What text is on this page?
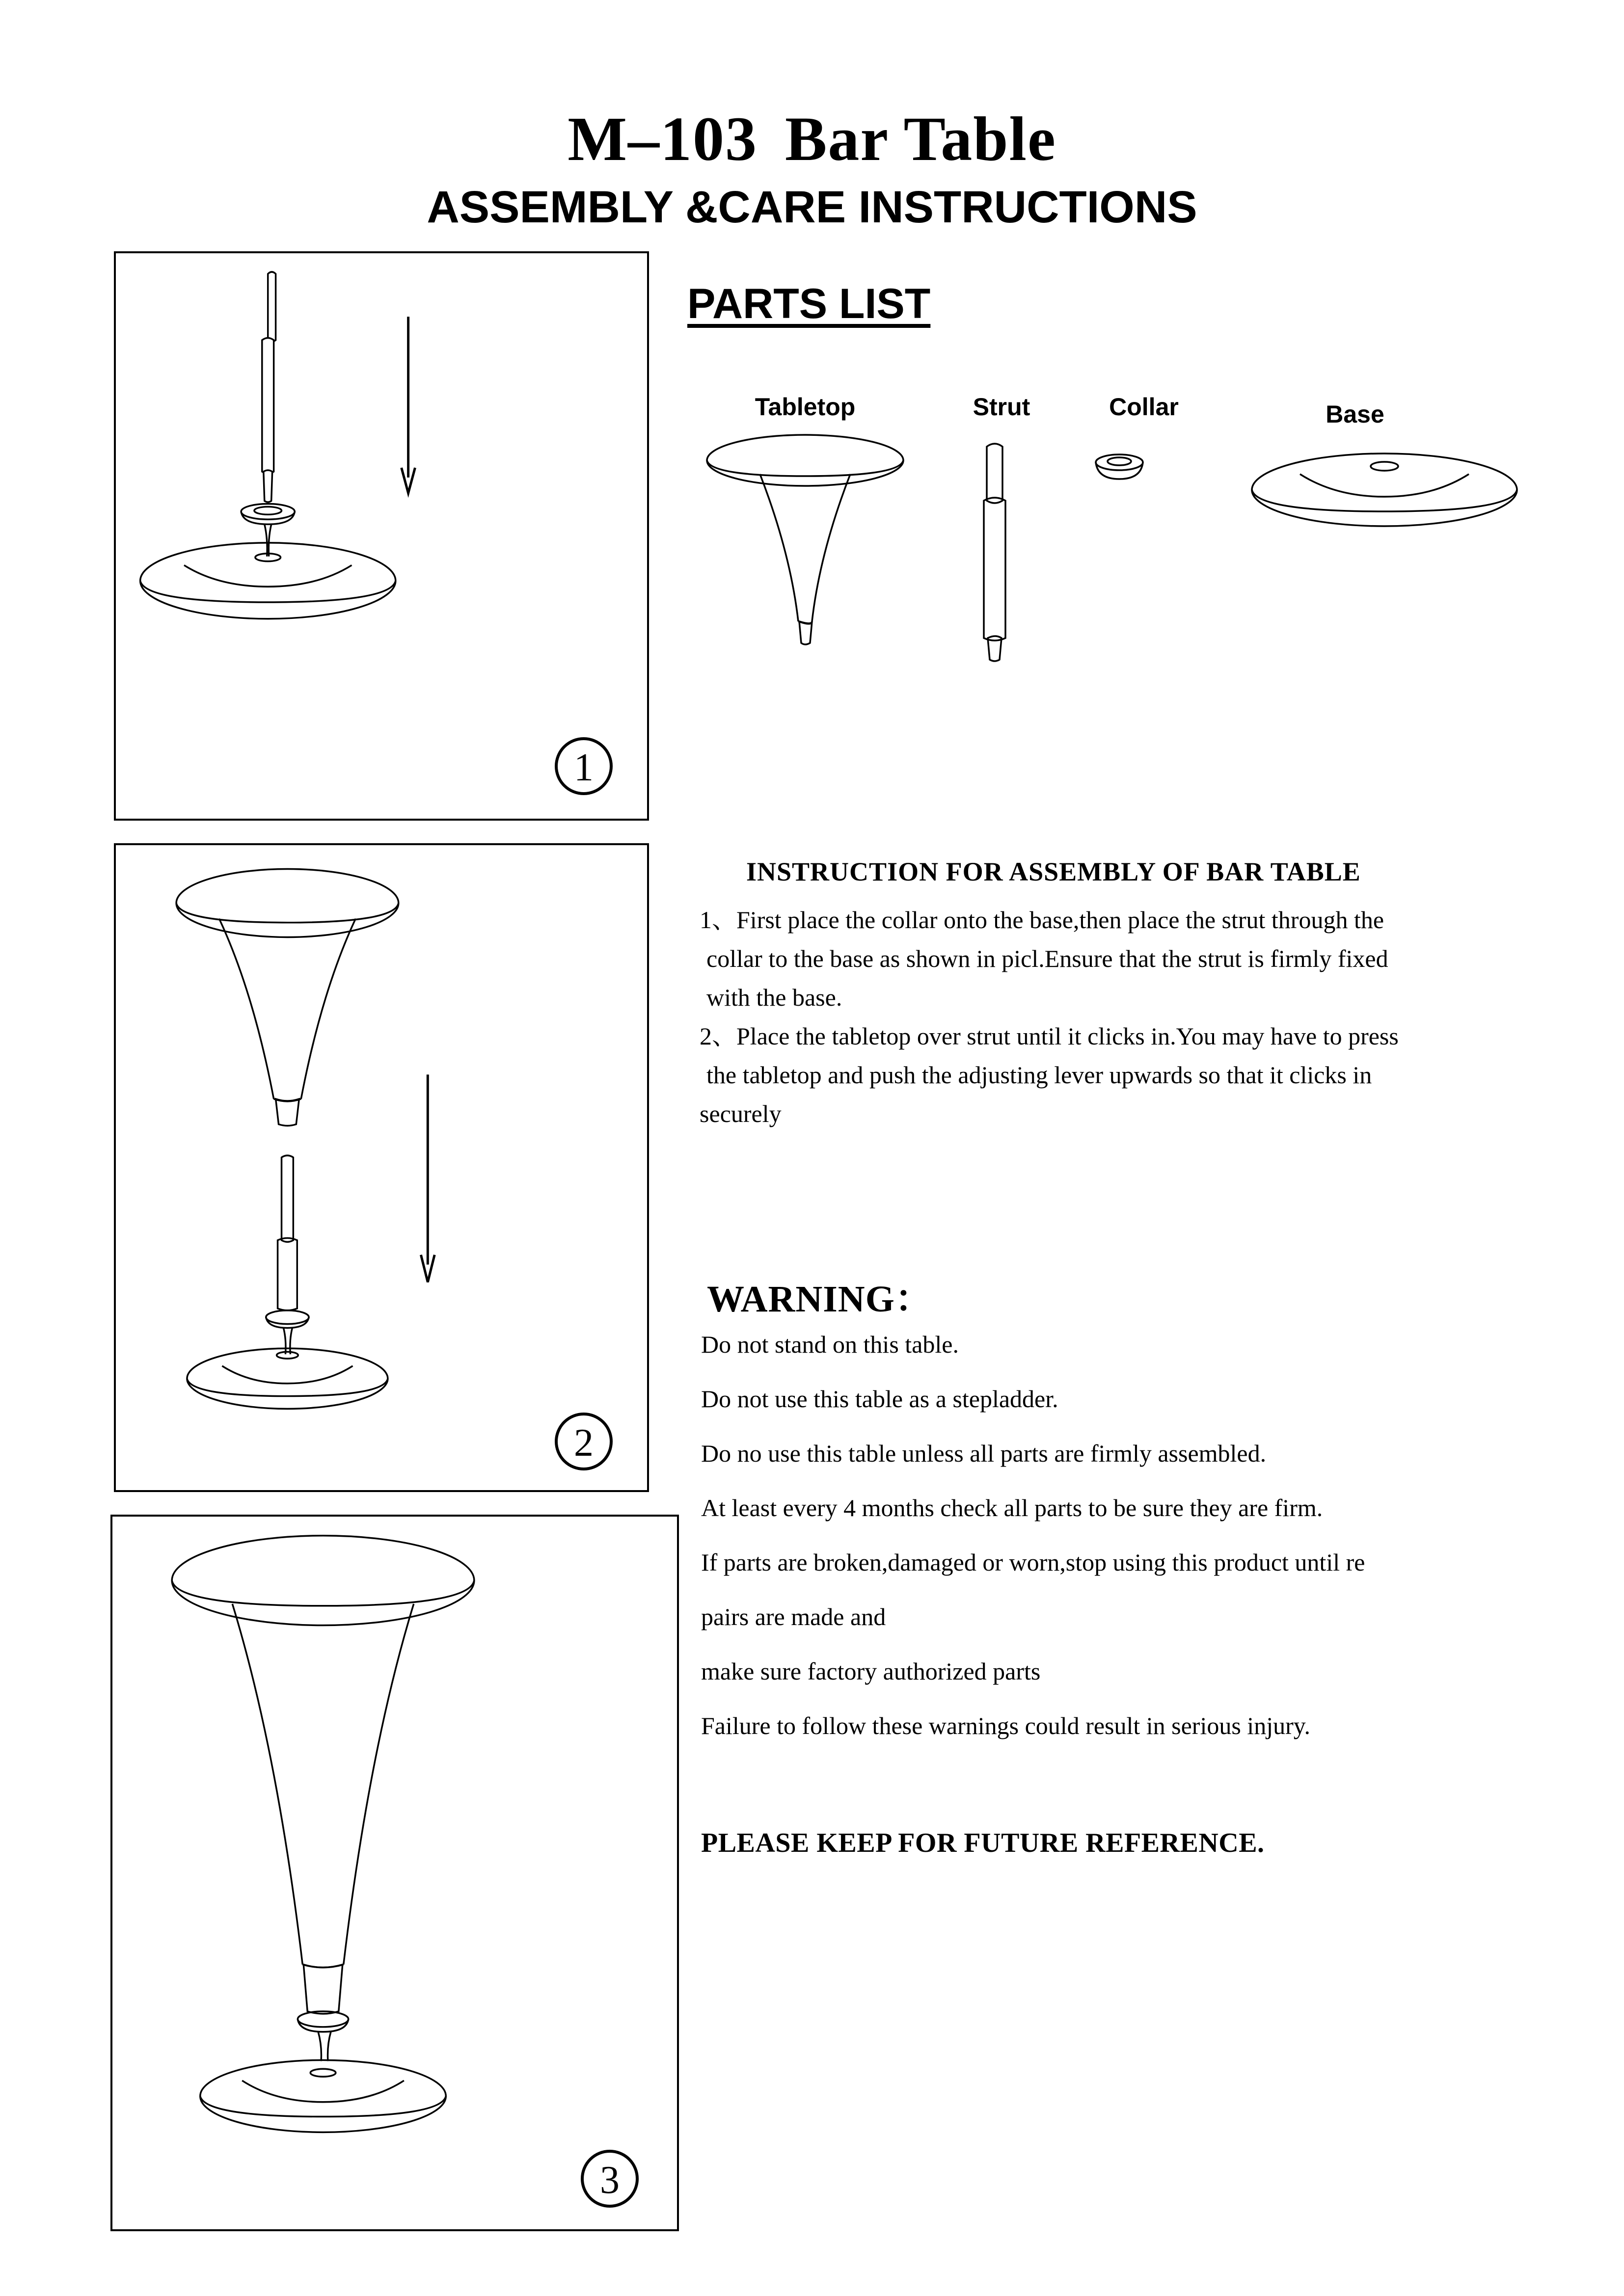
M–103 Bar Table
ASSEMBLY &CARE INSTRUCTIONS
1
2
3
PARTS LIST
Tabletop	Strut	Collar	Base
INSTRUCTION FOR ASSEMBLY OF BAR TABLE

1、First place the collar onto the base,then place the strut through the

collar to the base as shown in picl.Ensure that the strut is firmly fixed

with the base.

2、Place the tabletop over strut until it clicks in.You may have to press

the tabletop and push the adjusting lever upwards so that it clicks in

securely

WARNING：

Do not stand on this table.

Do not use this table as a stepladder.

Do no use this table unless all parts are firmly assembled.

At least every 4 months check all parts to be sure they are firm.

If parts are broken,damaged or worn,stop using this product until re

pairs are made and

make sure factory authorized parts

Failure to follow these warnings could result in serious injury.

PLEASE KEEP FOR FUTURE REFERENCE.
